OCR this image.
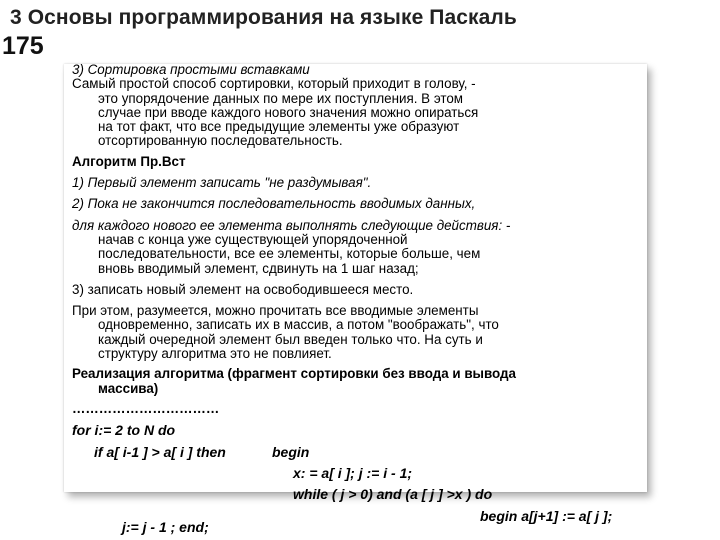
3 Основы программирования на языке Паскаль
175
3) Сортировка простыми вставками
Самый простой способ сортировки, который приходит в голову, -
это упорядочение данных по мере их поступления. В этом
случае при вводе каждого нового значения можно опираться
на тот факт, что все предыдущие элементы уже образуют
отсортированную последовательность.
Алгоритм Пр.Вст
1) Первый элемент записать "не раздумывая".
2) Пока не закончится последовательность вводимых данных,
для каждого нового ее элемента выполнять следующие действия: -
начав с конца уже существующей упорядоченной
последовательности, все ее элементы, которые больше, чем
вновь вводимый элемент, сдвинуть на 1 шаг назад;
3) записать новый элемент на освободившееся место.
При этом, разумеется, можно прочитать все вводимые элементы
одновременно, записать их в массив, а потом "воображать", что
каждый очередной элемент был введен только что. На суть и
структуру алгоритма это не повлияет.
Реализация алгоритма (фрагмент сортировки без ввода и вывода
массива)
……………………………
for i:= 2 to N do
if a[ i-1 ] > a[ i ] then	begin
x: = a[ i ]; j := i - 1;
while ( j > 0) and (a [ j ] >x ) do
begin a[j+1] := a[ j ];
j:= j - 1 ; end;
